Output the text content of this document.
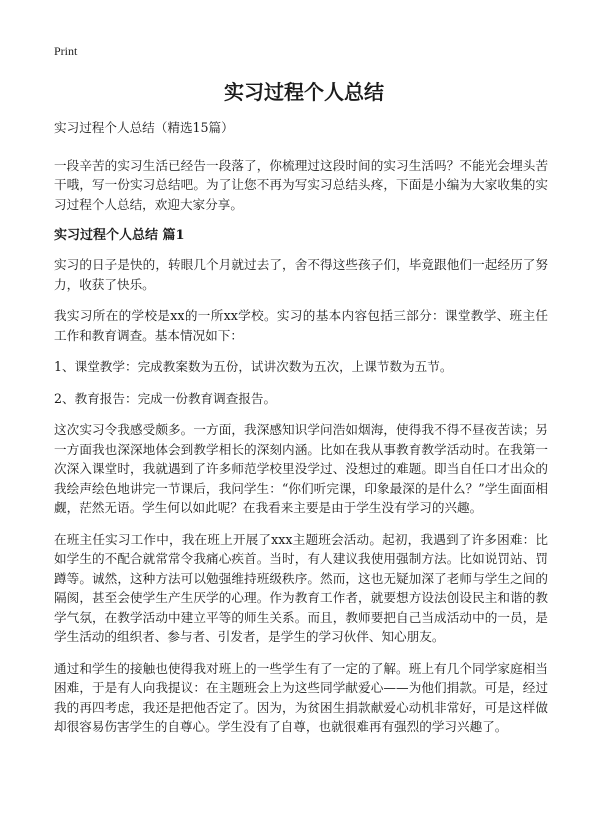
Print
实习过程个人总结

实习过程个人总结（精选15篇）

一段辛苦的实习生活已经告一段落了，你梳理过这段时间的实习生活吗？不能光会埋头苦干哦，写一份实习总结吧。为了让您不再为写实习总结头疼，下面是小编为大家收集的实习过程个人总结，欢迎大家分享。

实习过程个人总结 篇1

实习的日子是快的，转眼几个月就过去了，舍不得这些孩子们，毕竟跟他们一起经历了努力，收获了快乐。

我实习所在的学校是xx的一所xx学校。实习的基本内容包括三部分：课堂教学、班主任工作和教育调查。基本情况如下：

1、课堂教学：完成教案数为五份，试讲次数为五次，上课节数为五节。

2、教育报告：完成一份教育调查报告。

这次实习令我感受颇多。一方面，我深感知识学问浩如烟海，使得我不得不昼夜苦读；另一方面我也深深地体会到教学相长的深刻内涵。比如在我从事教育教学活动时。在我第一次深入课堂时，我就遇到了许多师范学校里没学过、没想过的难题。即当自任口才出众的我绘声绘色地讲完一节课后，我问学生：“你们听完课，印象最深的是什么？”学生面面相觑，茫然无语。学生何以如此呢？在我看来主要是由于学生没有学习的兴趣。

在班主任实习工作中，我在班上开展了xxx主题班会活动。起初，我遇到了许多困难：比如学生的不配合就常常令我痛心疾首。当时，有人建议我使用强制方法。比如说罚站、罚蹲等。诚然，这种方法可以勉强维持班级秩序。然而，这也无疑加深了老师与学生之间的隔阂，甚至会使学生产生厌学的心理。作为教育工作者，就要想方设法创设民主和谐的教学气氛，在教学活动中建立平等的师生关系。而且，教师要把自己当成活动中的一员，是学生活动的组织者、参与者、引发者，是学生的学习伙伴、知心朋友。

通过和学生的接触也使得我对班上的一些学生有了一定的了解。班上有几个同学家庭相当困难，于是有人向我提议：在主题班会上为这些同学献爱心——为他们捐款。可是，经过我的再四考虑，我还是把他否定了。因为，为贫困生捐款献爱心动机非常好，可是这样做却很容易伤害学生的自尊心。学生没有了自尊，也就很难再有强烈的学习兴趣了。
